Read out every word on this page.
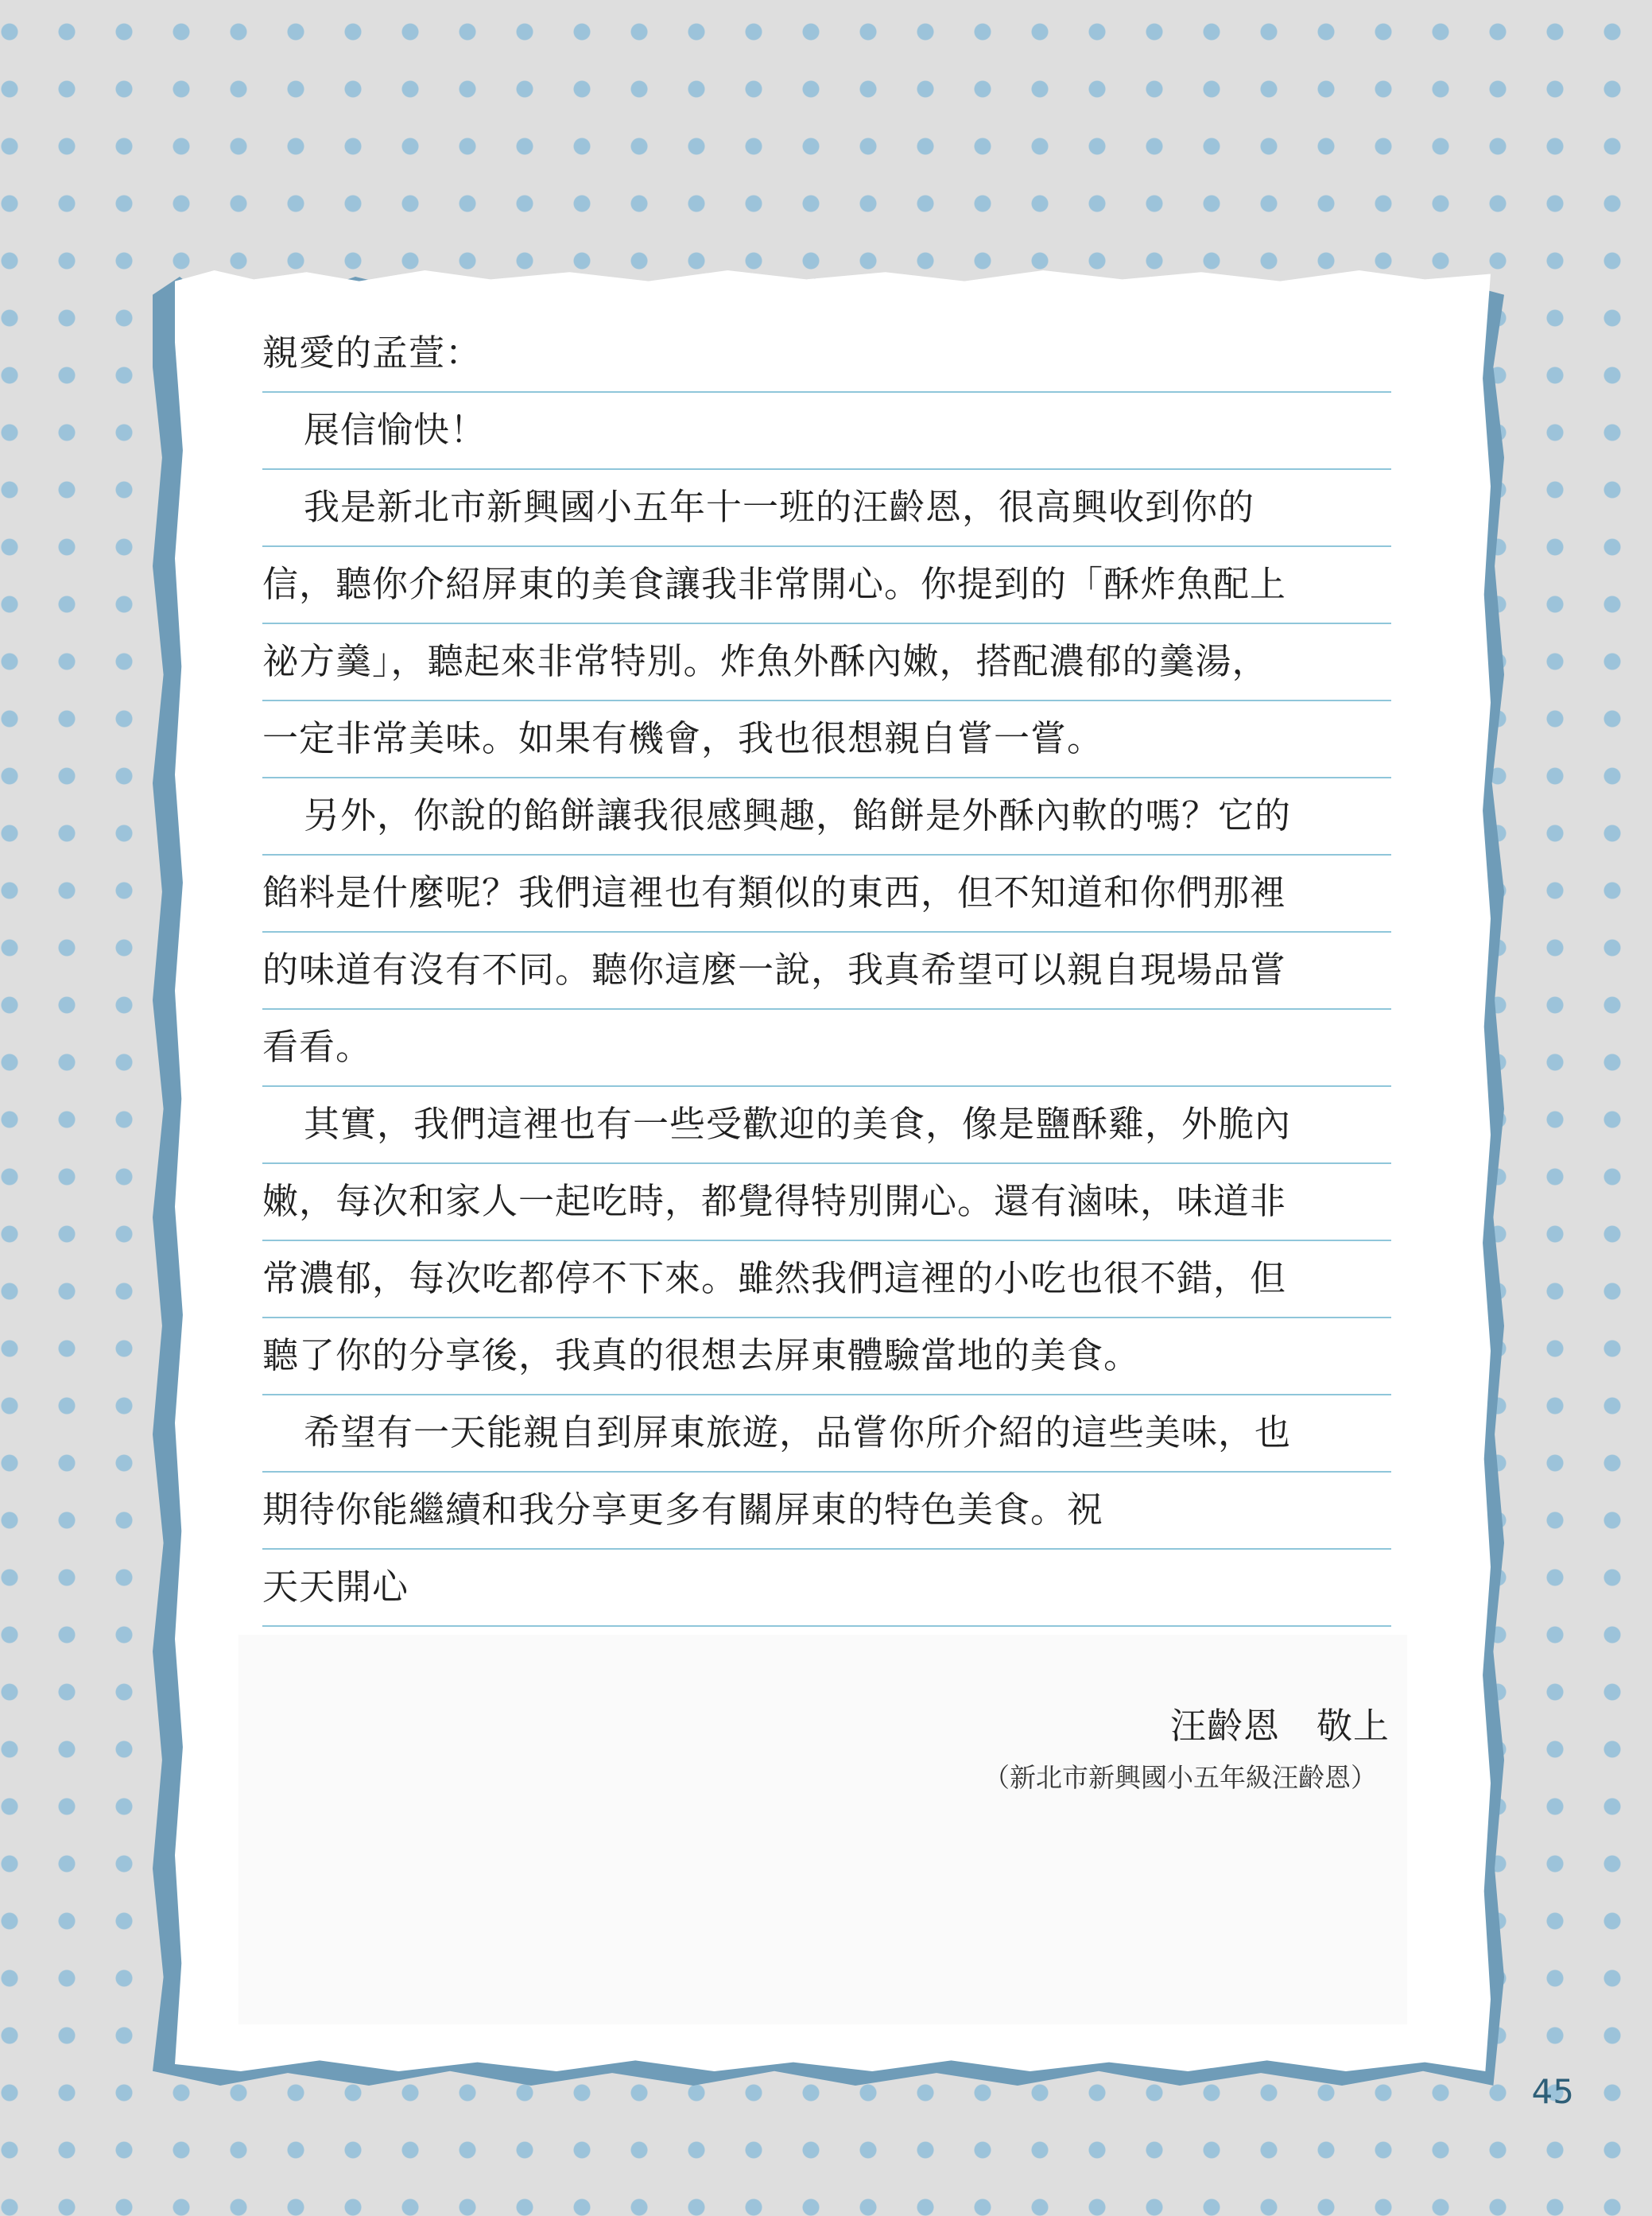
親愛的孟萱：
展信愉快！
我是新北市新興國小五年十一班的汪齡恩，很高興收到你的
信，聽你介紹屏東的美食讓我非常開心。你提到的「酥炸魚配上
祕方羹」，聽起來非常特別。炸魚外酥內嫩，搭配濃郁的羹湯，
一定非常美味。如果有機會，我也很想親自嘗一嘗。
另外，你說的餡餅讓我很感興趣，餡餅是外酥內軟的嗎？它的
餡料是什麼呢？我們這裡也有類似的東西，但不知道和你們那裡
的味道有沒有不同。聽你這麼一說，我真希望可以親自現場品嘗
看看。
其實，我們這裡也有一些受歡迎的美食，像是鹽酥雞，外脆內
嫩，每次和家人一起吃時，都覺得特別開心。還有滷味，味道非
常濃郁，每次吃都停不下來。雖然我們這裡的小吃也很不錯，但
聽了你的分享後，我真的很想去屏東體驗當地的美食。
希望有一天能親自到屏東旅遊，品嘗你所介紹的這些美味，也
期待你能繼續和我分享更多有關屏東的特色美食。祝
天天開心
汪齡恩　敬上
（新北市新興國小五年級汪齡恩）
45
